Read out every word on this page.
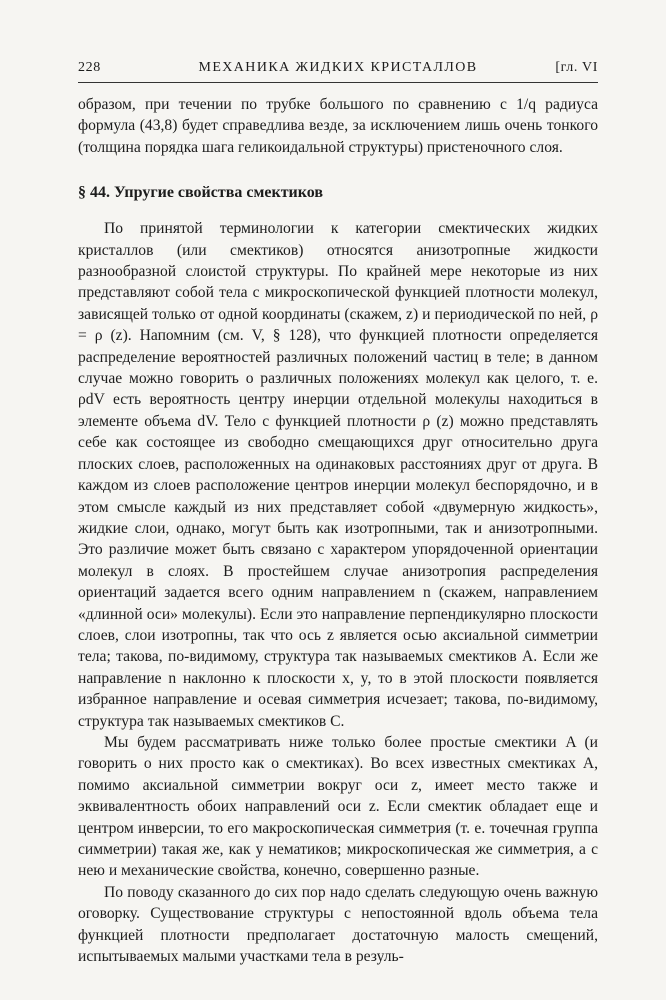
228	МЕХАНИКА ЖИДКИХ КРИСТАЛЛОВ	[гл. VI

образом, при течении по трубке большого по сравнению с 1/q радиуса формула (43,8) будет справедлива везде, за исключением лишь очень тонкого (толщина порядка шага геликоидальной структуры) пристеночного слоя.

§ 44. Упругие свойства смектиков

По принятой терминологии к категории смектических жидких кристаллов (или смектиков) относятся анизотропные жидкости разнообразной слоистой структуры. По крайней мере некоторые из них представляют собой тела с микроскопической функцией плотности молекул, зависящей только от одной координаты (скажем, z) и периодической по ней, ρ = ρ (z). Напомним (см. V, § 128), что функцией плотности определяется распределение вероятностей различных положений частиц в теле; в данном случае можно говорить о различных положениях молекул как целого, т. е. ρdV есть вероятность центру инерции отдельной молекулы находиться в элементе объема dV. Тело с функцией плотности ρ (z) можно представлять себе как состоящее из свободно смещающихся друг относительно друга плоских слоев, расположенных на одинаковых расстояниях друг от друга. В каждом из слоев расположение центров инерции молекул беспорядочно, и в этом смысле каждый из них представляет собой «двумерную жидкость», жидкие слои, однако, могут быть как изотропными, так и анизотропными. Это различие может быть связано с характером упорядоченной ориентации молекул в слоях. В простейшем случае анизотропия распределения ориентаций задается всего одним направлением n (скажем, направлением «длинной оси» молекулы). Если это направление перпендикулярно плоскости слоев, слои изотропны, так что ось z является осью аксиальной симметрии тела; такова, по-видимому, структура так называемых смектиков A. Если же направление n наклонно к плоскости x, y, то в этой плоскости появляется избранное направление и осевая симметрия исчезает; такова, по-видимому, структура так называемых смектиков C.

Мы будем рассматривать ниже только более простые смектики A (и говорить о них просто как о смектиках). Во всех известных смектиках A, помимо аксиальной симметрии вокруг оси z, имеет место также и эквивалентность обоих направлений оси z. Если смектик обладает еще и центром инверсии, то его макроскопическая симметрия (т. е. точечная группа симметрии) такая же, как у нематиков; микроскопическая же симметрия, а с нею и механические свойства, конечно, совершенно разные.

По поводу сказанного до сих пор надо сделать следующую очень важную оговорку. Существование структуры с непостоянной вдоль объема тела функцией плотности предполагает достаточную малость смещений, испытываемых малыми участками тела в резуль-
